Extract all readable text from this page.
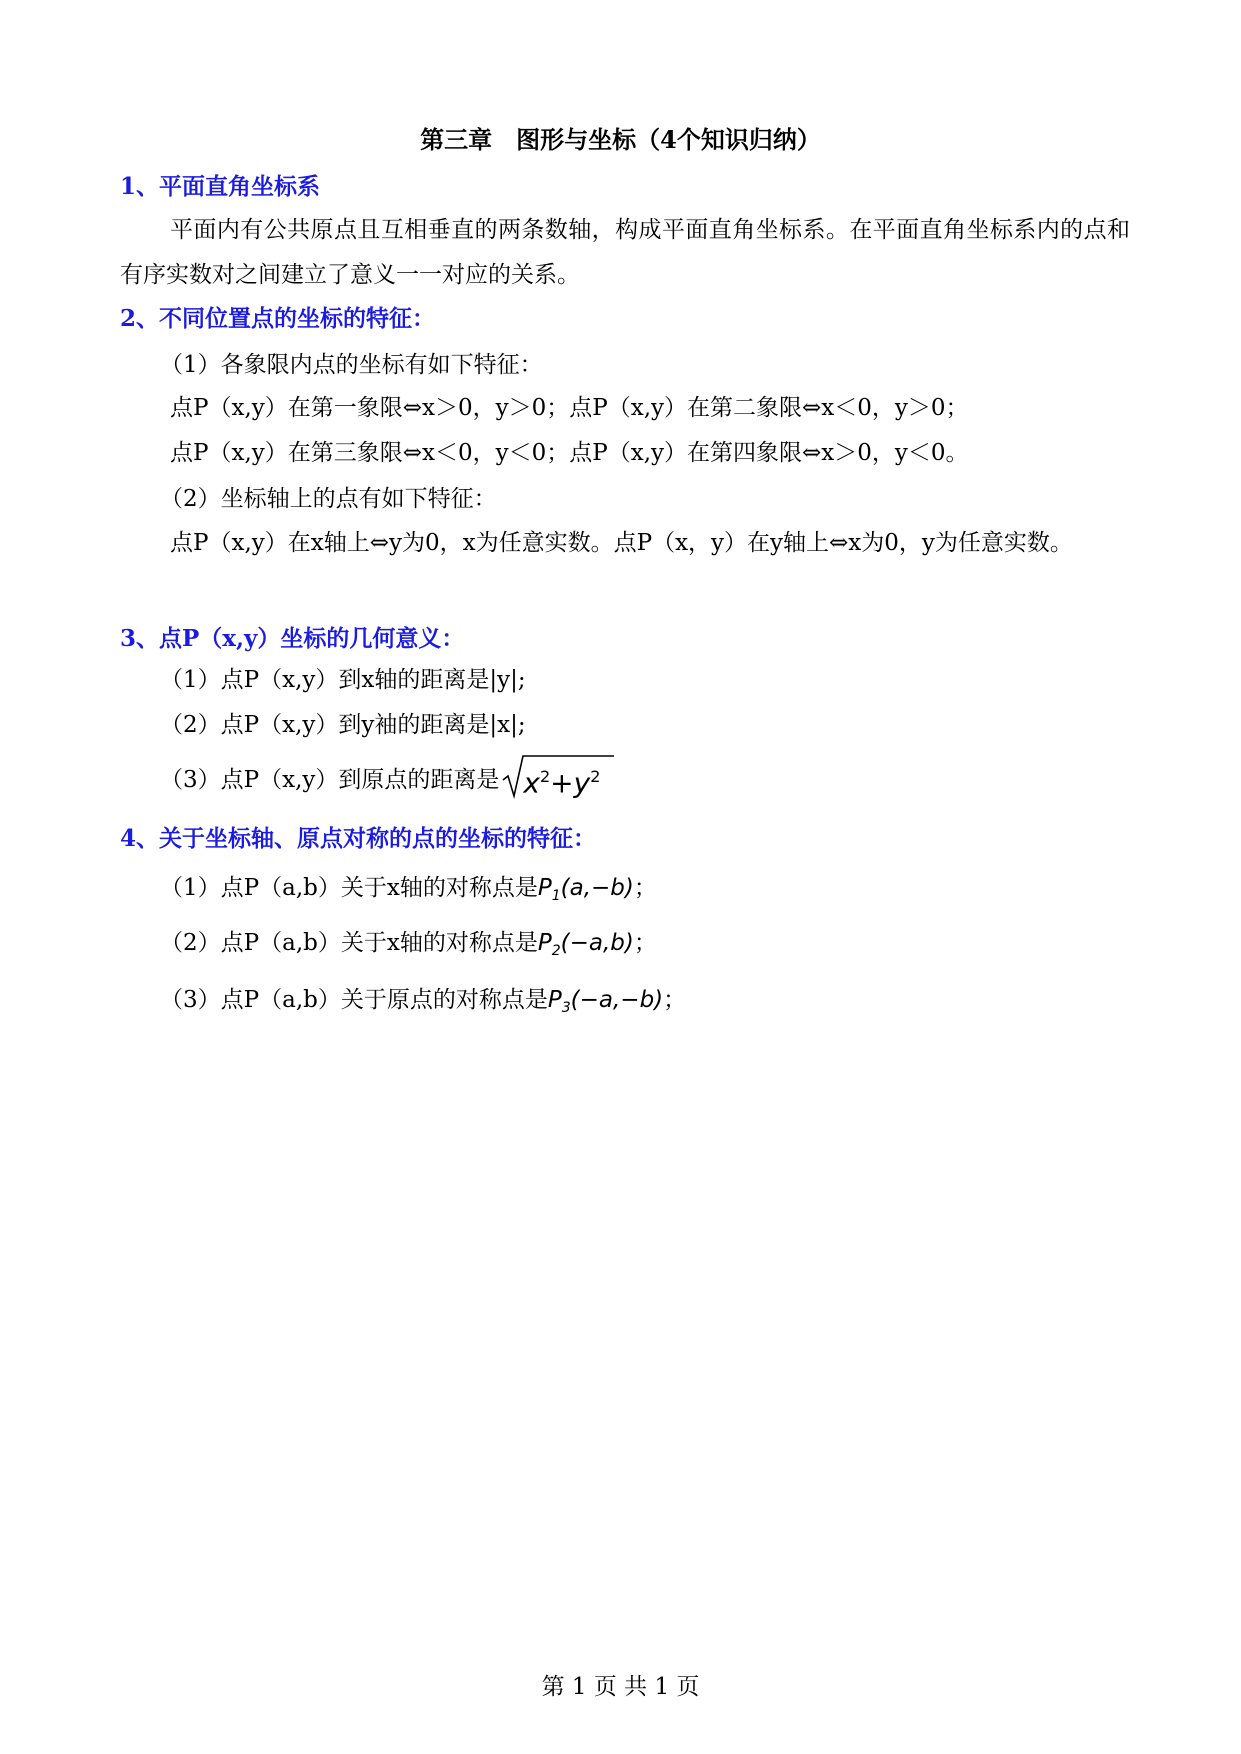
第三章　图形与坐标（4个知识归纳）
1、平面直角坐标系
平面内有公共原点且互相垂直的两条数轴，构成平面直角坐标系。在平面直角坐标系内的点和有序实数对之间建立了意义一一对应的关系。
2、不同位置点的坐标的特征：
（1）各象限内点的坐标有如下特征：
点P（x,y）在第一象限⇔x＞0，y＞0；点P（x,y）在第二象限⇔x＜0，y＞0；
点P（x,y）在第三象限⇔x＜0，y＜0；点P（x,y）在第四象限⇔x＞0，y＜0。
（2）坐标轴上的点有如下特征：
点P（x,y）在x轴上⇔y为0，x为任意实数。点P（x，y）在y轴上⇔x为0，y为任意实数。
3、点P（x,y）坐标的几何意义：
（1）点P（x,y）到x轴的距离是|y|;
（2）点P（x,y）到y袖的距离是|x|;
（3）点P（x,y）到原点的距离是 $x^2+y^2$
4、关于坐标轴、原点对称的点的坐标的特征：
（1）点P（a,b）关于x轴的对称点是$P_1(a,-b)$；
（2）点P（a,b）关于x轴的对称点是$P_2(-a,b)$；
（3）点P（a,b）关于原点的对称点是$P_3(-a,-b)$；
第 1 页 共 1 页
